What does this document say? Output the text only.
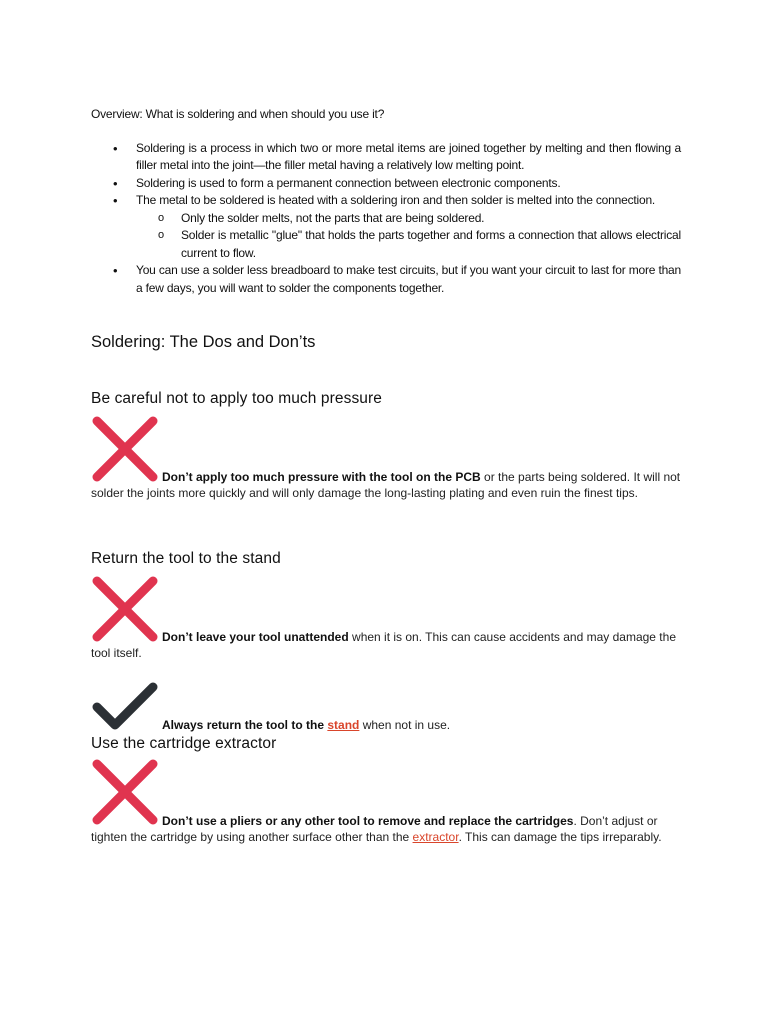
Overview: What is soldering and when should you use it?

• Soldering is a process in which two or more metal items are joined together by melting and then flowing a filler metal into the joint—the filler metal having a relatively low melting point.
• Soldering is used to form a permanent connection between electronic components.
• The metal to be soldered is heated with a soldering iron and then solder is melted into the connection.
o Only the solder melts, not the parts that are being soldered.
o Solder is metallic "glue" that holds the parts together and forms a connection that allows electrical current to flow.
• You can use a solder less breadboard to make test circuits, but if you want your circuit to last for more than a few days, you will want to solder the components together.
Soldering: The Dos and Don’ts
Be careful not to apply too much pressure

Don’t apply too much pressure with the tool on the PCB or the parts being soldered. It will not solder the joints more quickly and will only damage the long-lasting plating and even ruin the finest tips.

Return the tool to the stand

Don’t leave your tool unattended when it is on. This can cause accidents and may damage the tool itself.

Always return the tool to the stand when not in use.

Use the cartridge extractor

Don’t use a pliers or any other tool to remove and replace the cartridges. Don’t adjust or tighten the cartridge by using another surface other than the extractor. This can damage the tips irreparably.
